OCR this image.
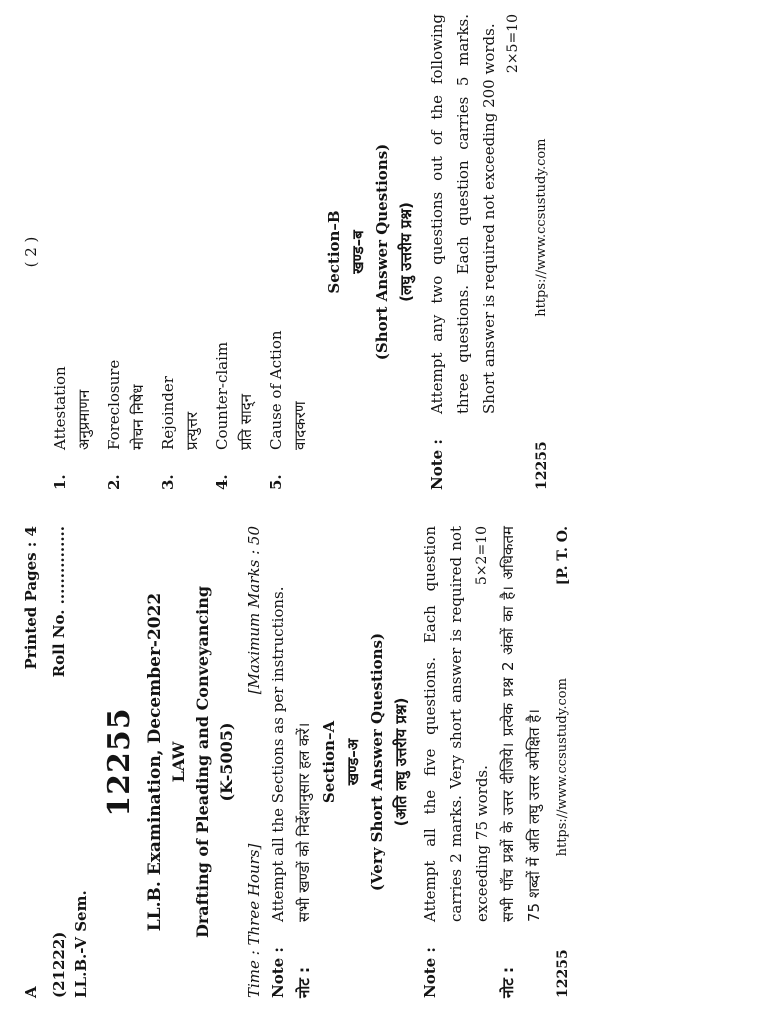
A
Printed Pages : 4
(21222)
Roll No. ...............
LL.B.-V Sem.
12255 LL.B. Examination, December-2022 LAW Drafting of Pleading and Conveyancing (K-5005)
Time : Three Hours]
[Maximum Marks : 50
Note :
Attempt all the Sections as per instructions.
नोट :
सभी खण्डों को निर्देशानुसार हल करें। Section–A खण्ड–अ (Very Short Answer Questions) (अति लघु उत्तरीय प्रश्न)
Note :
Attempt all the five questions. Each question carries 2 marks. Very short answer is required not exceeding 75 words.
5×2=10
नोट :
सभी पाँच प्रश्नों के उत्तर दीजिये। प्रत्येक प्रश्न 2 अंकों का है। अधिकतम 75 शब्दों में अति लघु उत्तर अपेक्षित है।
12255
https://www.ccsustudy.com
[P. T. O.
( 2 )
1.
Attestation अनुप्रमाणन
2.
Foreclosure मोचन निषेध
3.
Rejoinder प्रत्युत्तर
4.
Counter-claim प्रति साद्न
5.
Cause of Action वादकरण
Section–B खण्ड–ब (Short Answer Questions) (लघु उत्तरीय प्रश्न)
Note :
Attempt any two questions out of the following three questions. Each question carries 5 marks. Short answer is required not exceeding 200 words. 2×5=10
12255
https://www.ccsustudy.com
